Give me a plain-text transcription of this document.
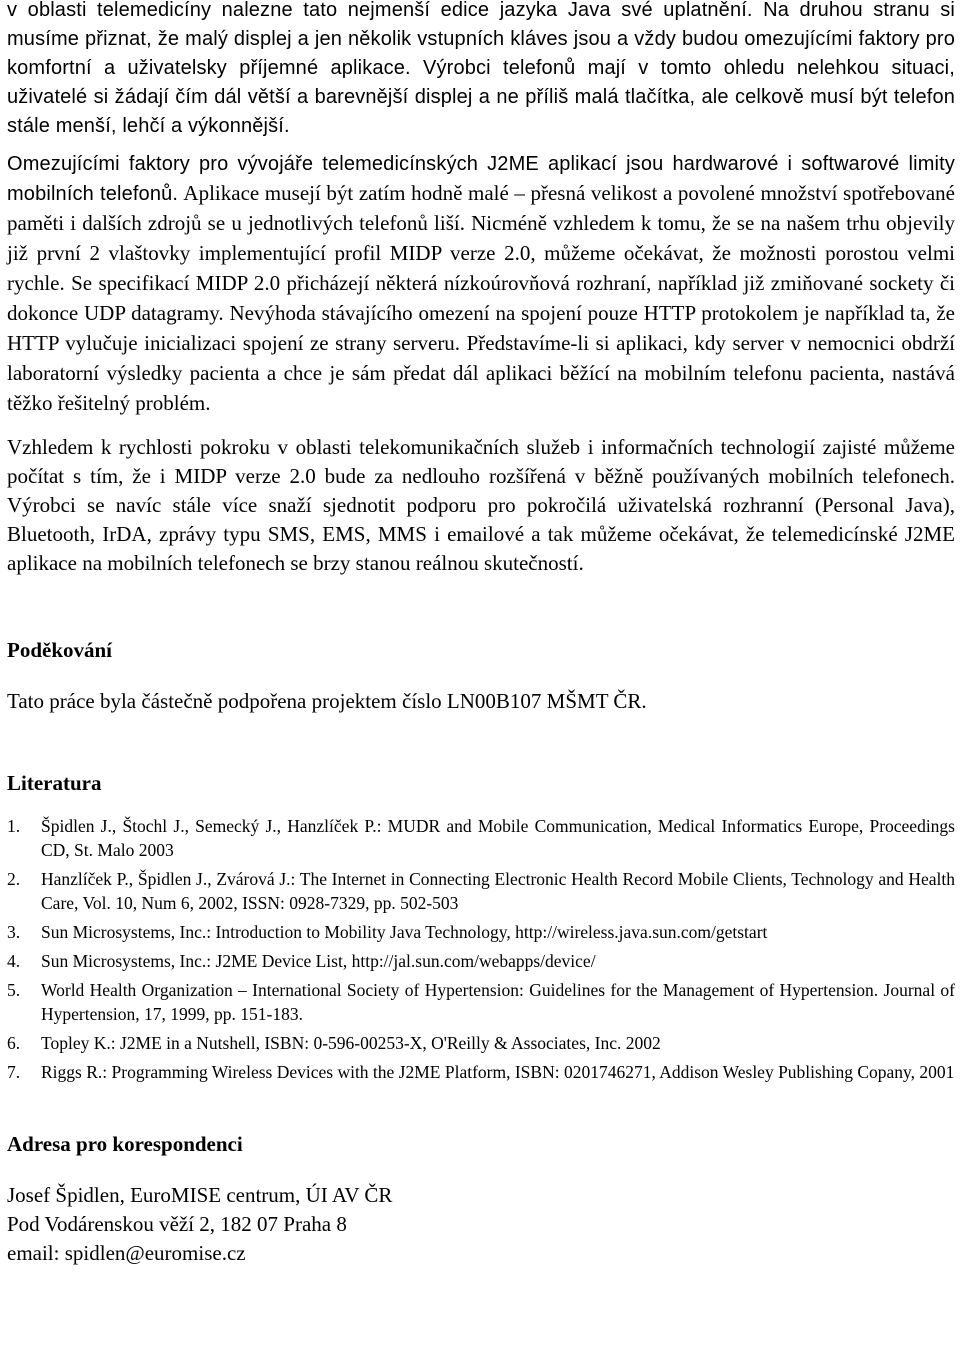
v oblasti telemedicíny nalezne tato nejmenší edice jazyka Java své uplatnění. Na druhou stranu si musíme přiznat, že malý displej a jen několik vstupních kláves jsou a vždy budou omezujícími faktory pro komfortní a uživatelsky příjemné aplikace. Výrobci telefonů mají v tomto ohledu nelehkou situaci, uživatelé si žádají čím dál větší a barevnější displej a ne příliš malá tlačítka, ale celkově musí být telefon stále menší, lehčí a výkonnější.

Omezujícími faktory pro vývojáře telemedicínských J2ME aplikací jsou hardwarové i softwarové limity mobilních telefonů. Aplikace musejí být zatím hodně malé – přesná velikost a povolené množství spotřebované paměti i dalších zdrojů se u jednotlivých telefonů liší. Nicméně vzhledem k tomu, že se na našem trhu objevily již první 2 vlaštovky implementující profil MIDP verze 2.0, můžeme očekávat, že možnosti porostou velmi rychle. Se specifikací MIDP 2.0 přicházejí některá nízkoúrovňová rozhraní, například již zmiňované sockety či dokonce UDP datagramy. Nevýhoda stávajícího omezení na spojení pouze HTTP protokolem je například ta, že HTTP vylučuje inicializaci spojení ze strany serveru. Představíme-li si aplikaci, kdy server v nemocnici obdrží laboratorní výsledky pacienta a chce je sám předat dál aplikaci běžící na mobilním telefonu pacienta, nastává těžko řešitelný problém.

Vzhledem k rychlosti pokroku v oblasti telekomunikačních služeb i informačních technologií zajisté můžeme počítat s tím, že i MIDP verze 2.0 bude za nedlouho rozšířená v běžně používaných mobilních telefonech. Výrobci se navíc stále více snaží sjednotit podporu pro pokročilá uživatelská rozhranní (Personal Java), Bluetooth, IrDA, zprávy typu SMS, EMS, MMS i emailové a tak můžeme očekávat, že telemedicínské J2ME aplikace na mobilních telefonech se brzy stanou reálnou skutečností.

Poděkování

Tato práce byla částečně podpořena projektem číslo LN00B107 MŠMT ČR.

Literatura
1.	Špidlen J., Štochl J., Semecký J., Hanzlíček P.: MUDR and Mobile Communication, Medical Informatics Europe, Proceedings CD, St. Malo 2003
2.	Hanzlíček P., Špidlen J., Zvárová J.: The Internet in Connecting Electronic Health Record Mobile Clients, Technology and Health Care, Vol. 10, Num 6, 2002, ISSN: 0928-7329, pp. 502-503
3.	Sun Microsystems, Inc.: Introduction to Mobility Java Technology, http://wireless.java.sun.com/getstart
4.	Sun Microsystems, Inc.: J2ME Device List, http://jal.sun.com/webapps/device/
5.	World Health Organization – International Society of Hypertension: Guidelines for the Management of Hypertension. Journal of Hypertension, 17, 1999, pp. 151-183.
6.	Topley K.: J2ME in a Nutshell, ISBN: 0-596-00253-X, O'Reilly & Associates, Inc. 2002
7.	Riggs R.: Programming Wireless Devices with the J2ME Platform, ISBN: 0201746271, Addison Wesley Publishing Copany, 2001
Adresa pro korespondenci

Josef Špidlen, EuroMISE centrum, ÚI AV ČR

Pod Vodárenskou věží 2, 182 07 Praha 8

email: spidlen@euromise.cz
